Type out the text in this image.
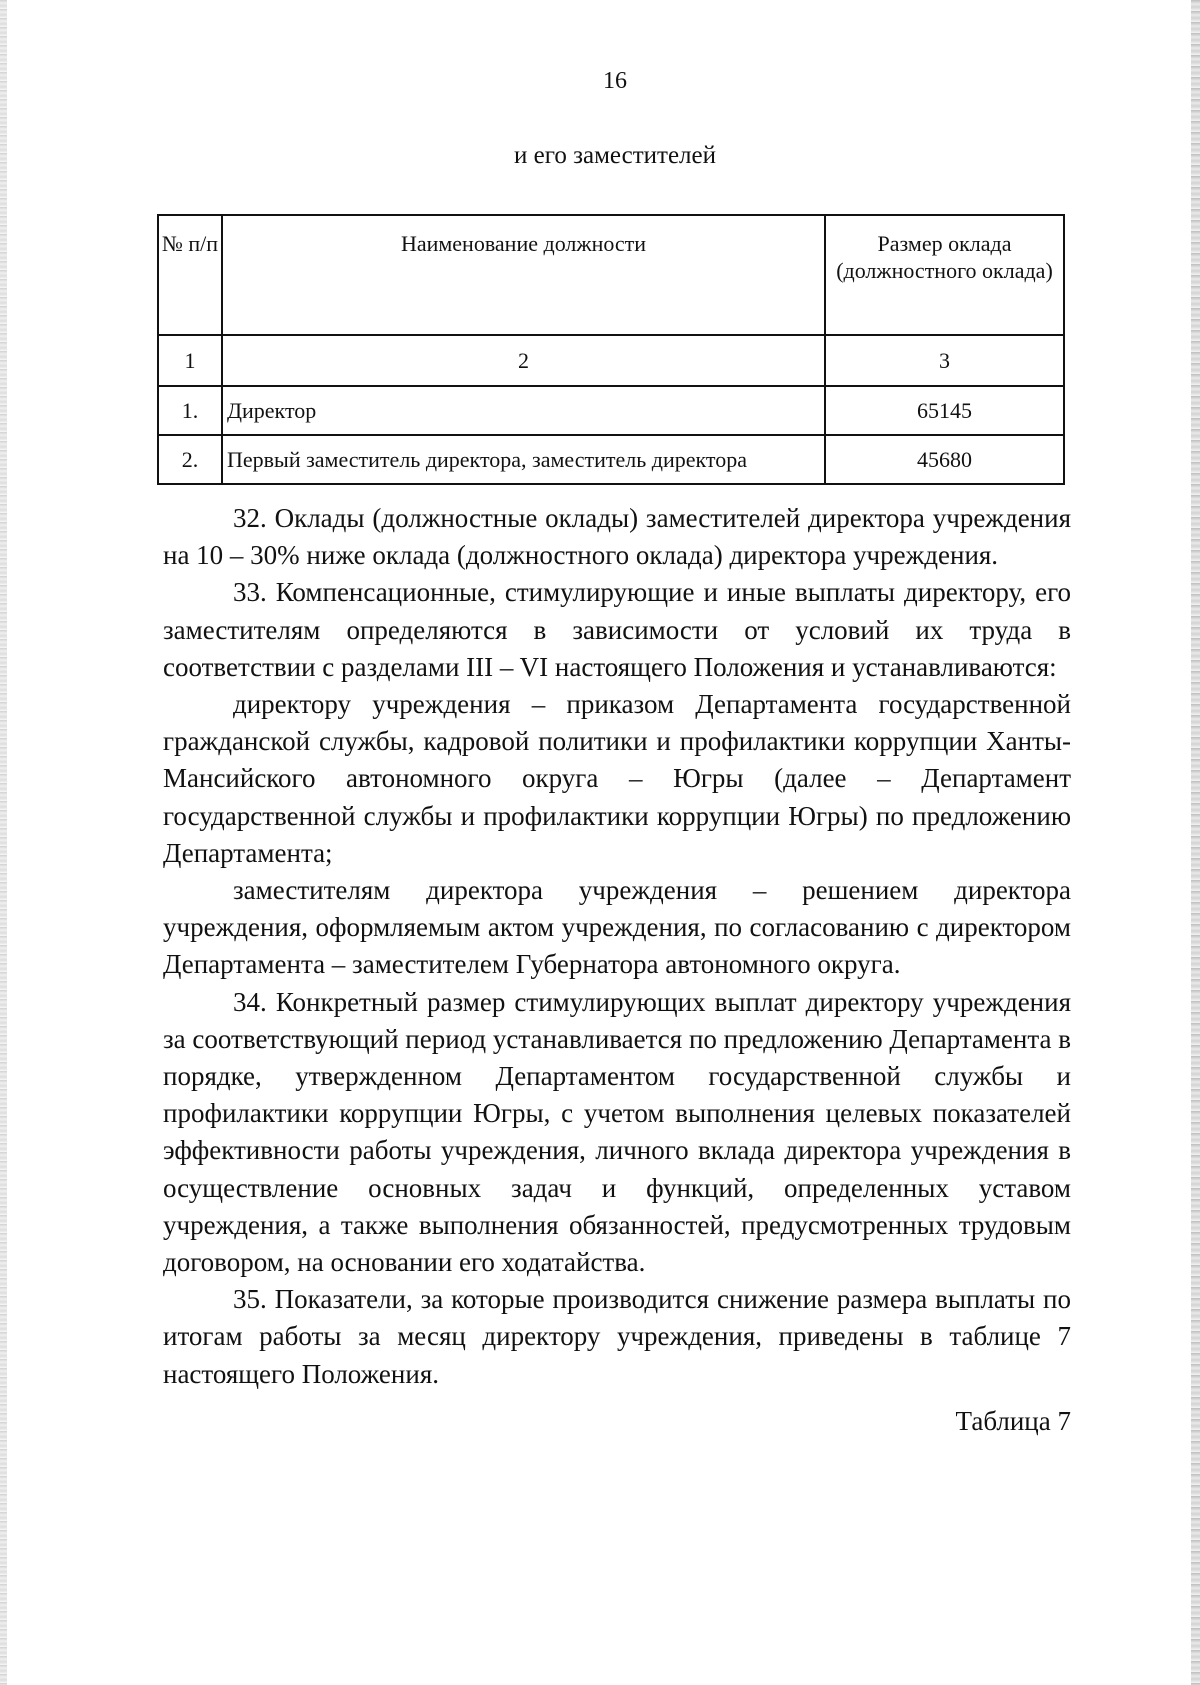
16
и его заместителей
№ п/п	Наименование должности	Размер оклада (должностного оклада)
1	2	3
1.	Директор	65145
2.	Первый заместитель директора, заместитель директора	45680

32. Оклады (должностные оклады) заместителей директора учреждения на 10 – 30% ниже оклада (должностного оклада) директора учреждения.

33. Компенсационные, стимулирующие и иные выплаты директору, его заместителям определяются в зависимости от условий их труда в соответствии с разделами III – VI настоящего Положения и устанавливаются:

директору учреждения – приказом Департамента государственной гражданской службы, кадровой политики и профилактики коррупции Ханты-Мансийского автономного округа – Югры (далее – Департамент государственной службы и профилактики коррупции Югры) по предложению Департамента;

заместителям директора учреждения – решением директора учреждения, оформляемым актом учреждения, по согласованию с директором Департамента – заместителем Губернатора автономного округа.

34. Конкретный размер стимулирующих выплат директору учреждения за соответствующий период устанавливается по предложению Департамента в порядке, утвержденном Департаментом государственной службы и профилактики коррупции Югры, с учетом выполнения целевых показателей эффективности работы учреждения, личного вклада директора учреждения в осуществление основных задач и функций, определенных уставом учреждения, а также выполнения обязанностей, предусмотренных трудовым договором, на основании его ходатайства.

35. Показатели, за которые производится снижение размера выплаты по итогам работы за месяц директору учреждения, приведены в таблице 7 настоящего Положения.

Таблица 7
